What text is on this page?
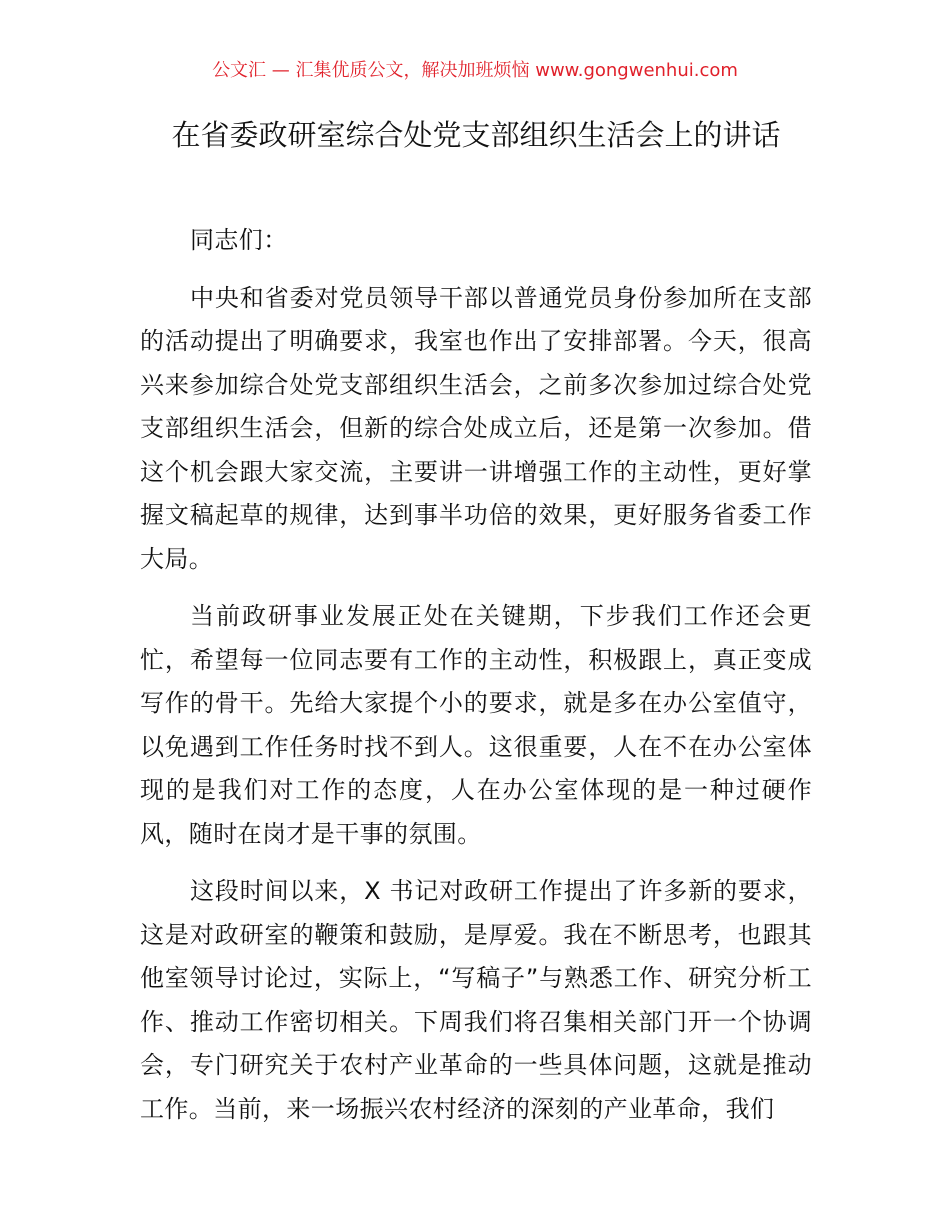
公文汇 — 汇集优质公文，解决加班烦恼 www.gongwenhui.com
在省委政研室综合处党支部组织生活会上的讲话

同志们：

中央和省委对党员领导干部以普通党员身份参加所在支部的活动提出了明确要求，我室也作出了安排部署。今天，很高兴来参加综合处党支部组织生活会，之前多次参加过综合处党支部组织生活会，但新的综合处成立后，还是第一次参加。借这个机会跟大家交流，主要讲一讲增强工作的主动性，更好掌握文稿起草的规律，达到事半功倍的效果，更好服务省委工作大局。

当前政研事业发展正处在关键期，下步我们工作还会更忙，希望每一位同志要有工作的主动性，积极跟上，真正变成写作的骨干。先给大家提个小的要求，就是多在办公室值守，以免遇到工作任务时找不到人。这很重要，人在不在办公室体现的是我们对工作的态度，人在办公室体现的是一种过硬作风，随时在岗才是干事的氛围。

这段时间以来，X 书记对政研工作提出了许多新的要求，这是对政研室的鞭策和鼓励，是厚爱。我在不断思考，也跟其他室领导讨论过，实际上，“写稿子”与熟悉工作、研究分析工作、推动工作密切相关。下周我们将召集相关部门开一个协调会，专门研究关于农村产业革命的一些具体问题，这就是推动工作。当前，来一场振兴农村经济的深刻的产业革命，我们
